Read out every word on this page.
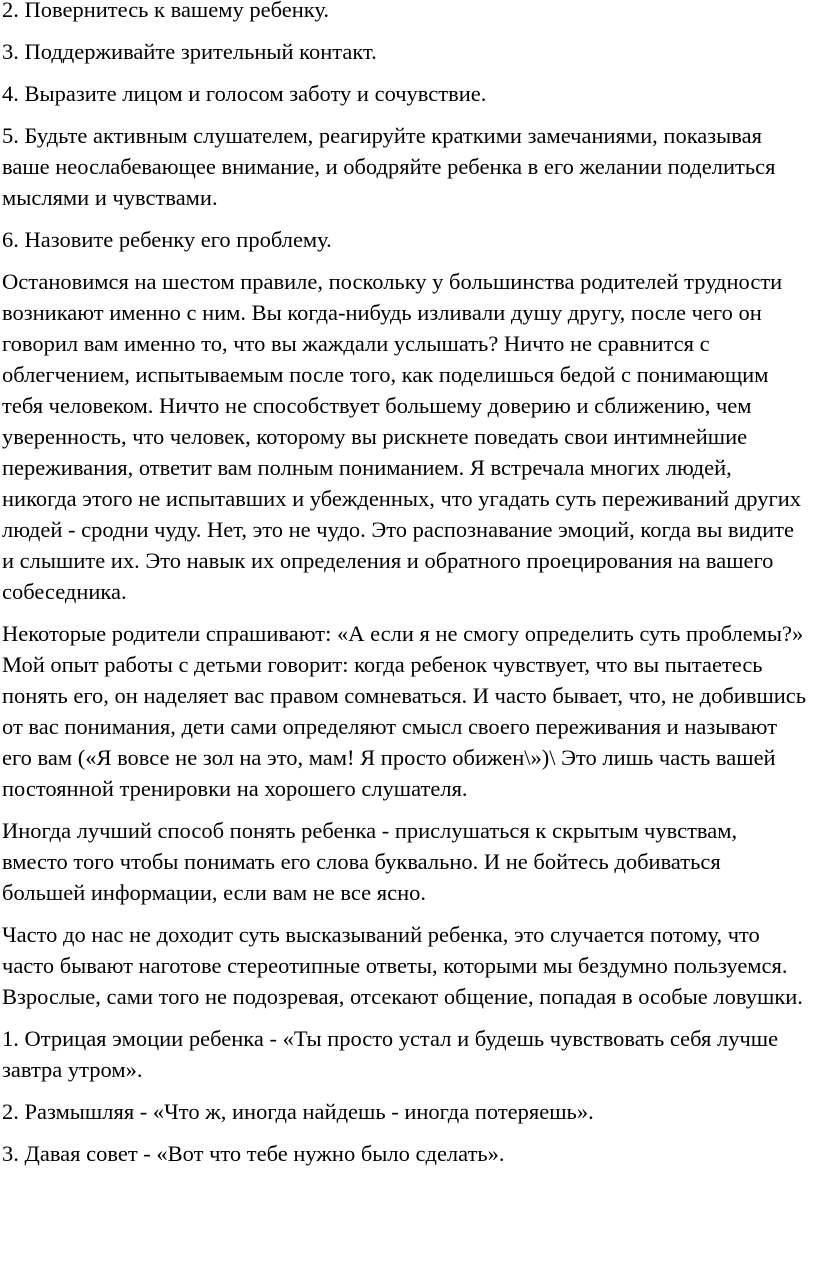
2. Повернитесь к вашему ребенку.

3. Поддерживайте зрительный контакт.

4. Выразите лицом и голосом заботу и сочувствие.

5. Будьте активным слушателем, реагируйте краткими замечаниями, показывая ваше неослабевающее внимание, и ободряйте ребенка в его желании поделиться мыслями и чувствами.

6. Назовите ребенку его проблему.

Остановимся на шестом правиле, поскольку у большинства родителей трудности возникают именно с ним. Вы когда-нибудь изливали душу другу, после чего он говорил вам именно то, что вы жаждали услышать? Ничто не сравнится с облегчением, испытываемым после того, как поделишься бедой с понимающим тебя человеком. Ничто не способствует большему доверию и сближению, чем уверенность, что человек, которому вы рискнете поведать свои интимнейшие переживания, ответит вам полным пониманием. Я встречала многих людей, никогда этого не испытавших и убежденных, что угадать суть переживаний других людей - сродни чуду. Нет, это не чудо. Это распознавание эмоций, когда вы видите и слышите их. Это навык их определения и обратного проецирования на вашего собеседника.

Некоторые родители спрашивают: «А если я не смогу определить суть проблемы?» Мой опыт работы с детьми говорит: когда ребенок чувствует, что вы пытаетесь понять его, он наделяет вас правом сомневаться. И часто бывает, что, не добившись от вас понимания, дети сами определяют смысл своего переживания и называют его вам («Я вовсе не зол на это, мам! Я просто обижен\»)\ Это лишь часть вашей постоянной тренировки на хорошего слушателя.

Иногда лучший способ понять ребенка - прислушаться к скрытым чувствам, вместо того чтобы понимать его слова буквально. И не бойтесь добиваться большей информации, если вам не все ясно.

Часто до нас не доходит суть высказываний ребенка, это случается потому, что часто бывают наготове стереотипные ответы, которыми мы бездумно пользуемся. Взрослые, сами того не подозревая, отсекают общение, попадая в особые ловушки.

1. Отрицая эмоции ребенка - «Ты просто устал и будешь чувствовать себя лучше завтра утром».

2. Размышляя - «Что ж, иногда найдешь - иногда потеряешь».

3. Давая совет - «Вот что тебе нужно было сделать».
